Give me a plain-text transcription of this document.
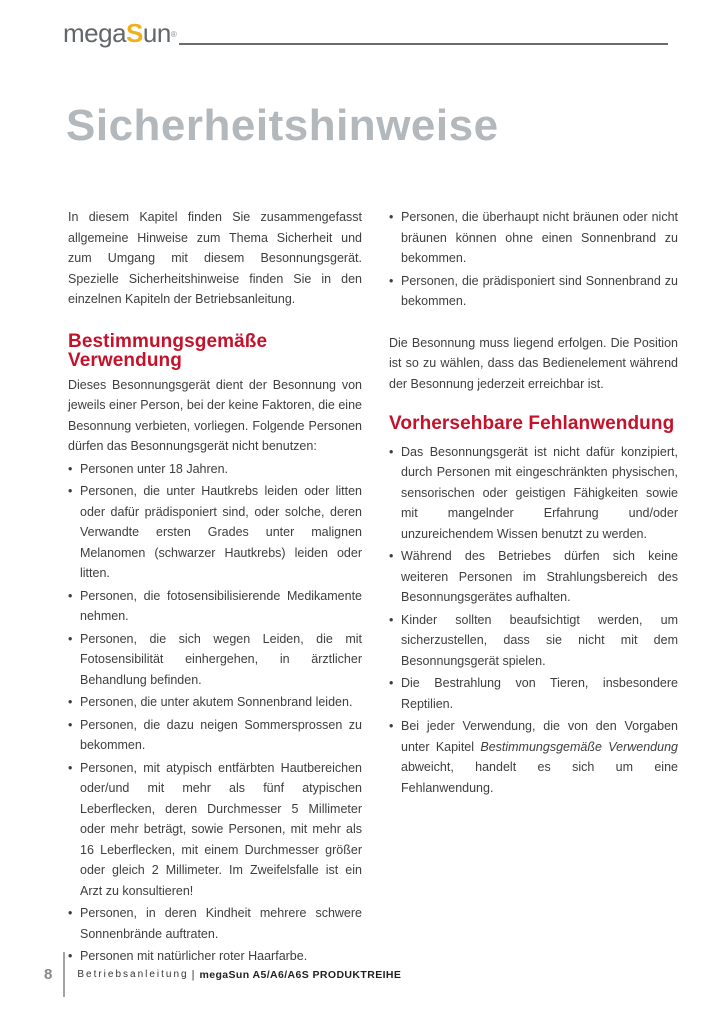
megaSun®
Sicherheitshinweise

In diesem Kapitel finden Sie zusammengefasst allgemeine Hinweise zum Thema Sicherheit und zum Umgang mit diesem Besonnungsgerät. Spezielle Sicherheitshinweise finden Sie in den einzelnen Kapiteln der Betriebsanleitung.

Bestimmungsgemäße Verwendung

Dieses Besonnungsgerät dient der Besonnung von jeweils einer Person, bei der keine Faktoren, die eine Besonnung verbieten, vorliegen. Folgende Personen dürfen das Besonnungsgerät nicht benutzen:

• Personen unter 18 Jahren.
• Personen, die unter Hautkrebs leiden oder litten oder dafür prädisponiert sind, oder solche, deren Verwandte ersten Grades unter malignen Melanomen (schwarzer Hautkrebs) leiden oder litten.
• Personen, die fotosensibilisierende Medikamente nehmen.
• Personen, die sich wegen Leiden, die mit Fotosensibilität einhergehen, in ärztlicher Behandlung befinden.
• Personen, die unter akutem Sonnenbrand leiden.
• Personen, die dazu neigen Sommersprossen zu bekommen.
• Personen, mit atypisch entfärbten Hautbereichen oder/und mit mehr als fünf atypischen Leberflecken, deren Durchmesser 5 Millimeter oder mehr beträgt, sowie Personen, mit mehr als 16 Leberflecken, mit einem Durchmesser größer oder gleich 2 Millimeter. Im Zweifelsfalle ist ein Arzt zu konsultieren!
• Personen, in deren Kindheit mehrere schwere Sonnenbrände auftraten.
• Personen mit natürlicher roter Haarfarbe.
• Personen, die überhaupt nicht bräunen oder nicht bräunen können ohne einen Sonnenbrand zu bekommen.
• Personen, die prädisponiert sind Sonnenbrand zu bekommen.

Die Besonnung muss liegend erfolgen. Die Position ist so zu wählen, dass das Bedienelement während der Besonnung jederzeit erreichbar ist.

Vorhersehbare Fehlanwendung
• Das Besonnungsgerät ist nicht dafür konzipiert, durch Personen mit eingeschränkten physischen, sensorischen oder geistigen Fähigkeiten sowie mit mangelnder Erfahrung und/oder unzureichendem Wissen benutzt zu werden.
• Während des Betriebes dürfen sich keine weiteren Personen im Strahlungsbereich des Besonnungsgerätes aufhalten.
• Kinder sollten beaufsichtigt werden, um sicherzustellen, dass sie nicht mit dem Besonnungsgerät spielen.
• Die Bestrahlung von Tieren, insbesondere Reptilien.
• Bei jeder Verwendung, die von den Vorgaben unter Kapitel Bestimmungsgemäße Verwendung abweicht, handelt es sich um eine Fehlanwendung.
8	Betriebsanleitung | megaSun A5/A6/A6S PRODUKTREIHE
